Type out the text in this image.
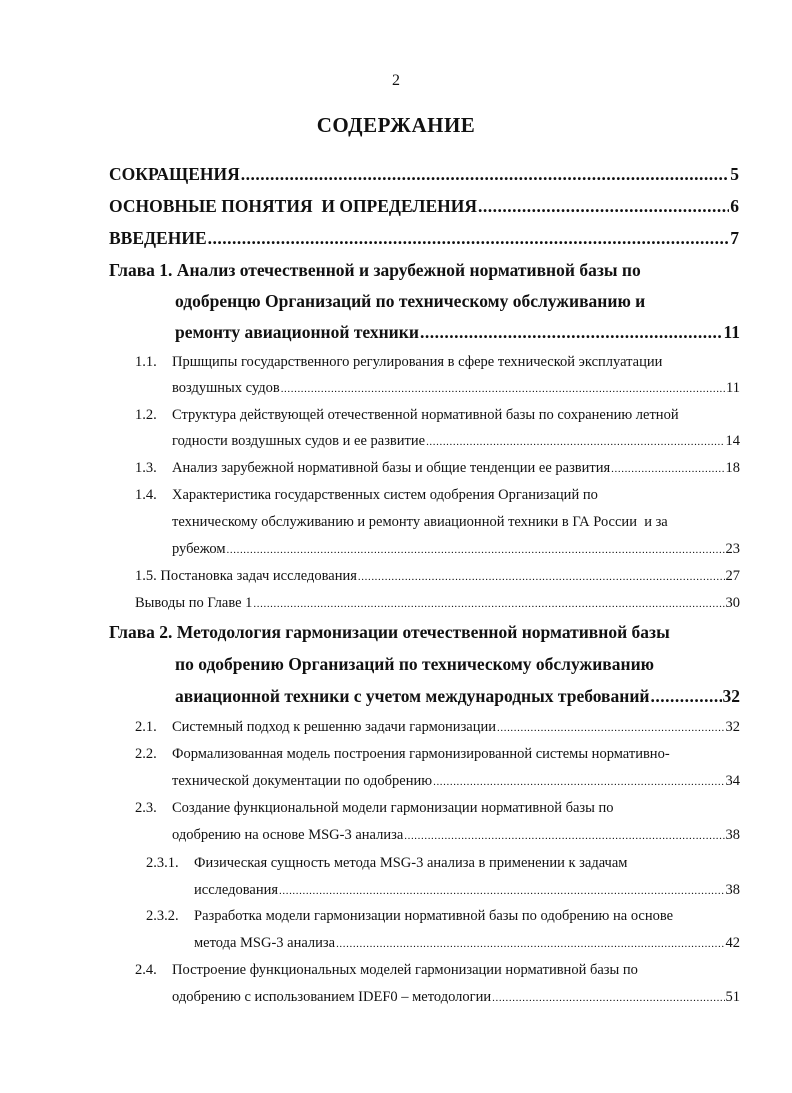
2
СОДЕРЖАНИЕ
СОКРАЩЕНИЯ .....	5
ОСНОВНЫЕ ПОНЯТИЯ  И ОПРЕДЕЛЕНИЯ .....	6
ВВЕДЕНИЕ .....	7
Глава 1. Анализ отечественной и зарубежной нормативной базы по
одобренцю Организаций по техническому обслуживанию и
ремонту авиационной техники .....	11
1.1. Пршщипы государственного регулирования в сфере технической эксплуатации
воздушных судов .....	11
1.2. Структура действующей отечественной нормативной базы по сохранению летной
годности воздушных судов и ее развитие .....	14
1.3. Анализ зарубежной нормативной базы и общие тенденции ее развития .....	18
1.4. Характеристика государственных систем одобрения Организаций по
техническому обслуживанию и ремонту авиационной техники в ГА России  и за
рубежом .....	23
1.5. Постановка задач исследования .....	27
Выводы по Главе 1 .....	30
Глава 2. Методология гармонизации отечественной нормативной базы
по одобрению Организаций по техническому обслуживанию
авиационной техники с учетом международных требований .....	32
2.1. Системный подход к решенню задачи гармонизации .....	32
2.2. Формализованная модель построения гармонизированной системы нормативно-
технической документации по одобрению .....	34
2.3. Создание функциональной модели гармонизации нормативной базы по
одобрению на основе MSG-3 анализа .....	38
2.3.1. Физическая сущность метода MSG-3 анализа в применении к задачам
исследования .....	38
2.3.2. Разработка модели гармонизации нормативной базы по одобрению на основе
метода MSG-3 анализа .....	42
2.4. Построение функциональных моделей гармонизации нормативной базы по
одобрению с использованием IDEF0 – методологии .....	51
